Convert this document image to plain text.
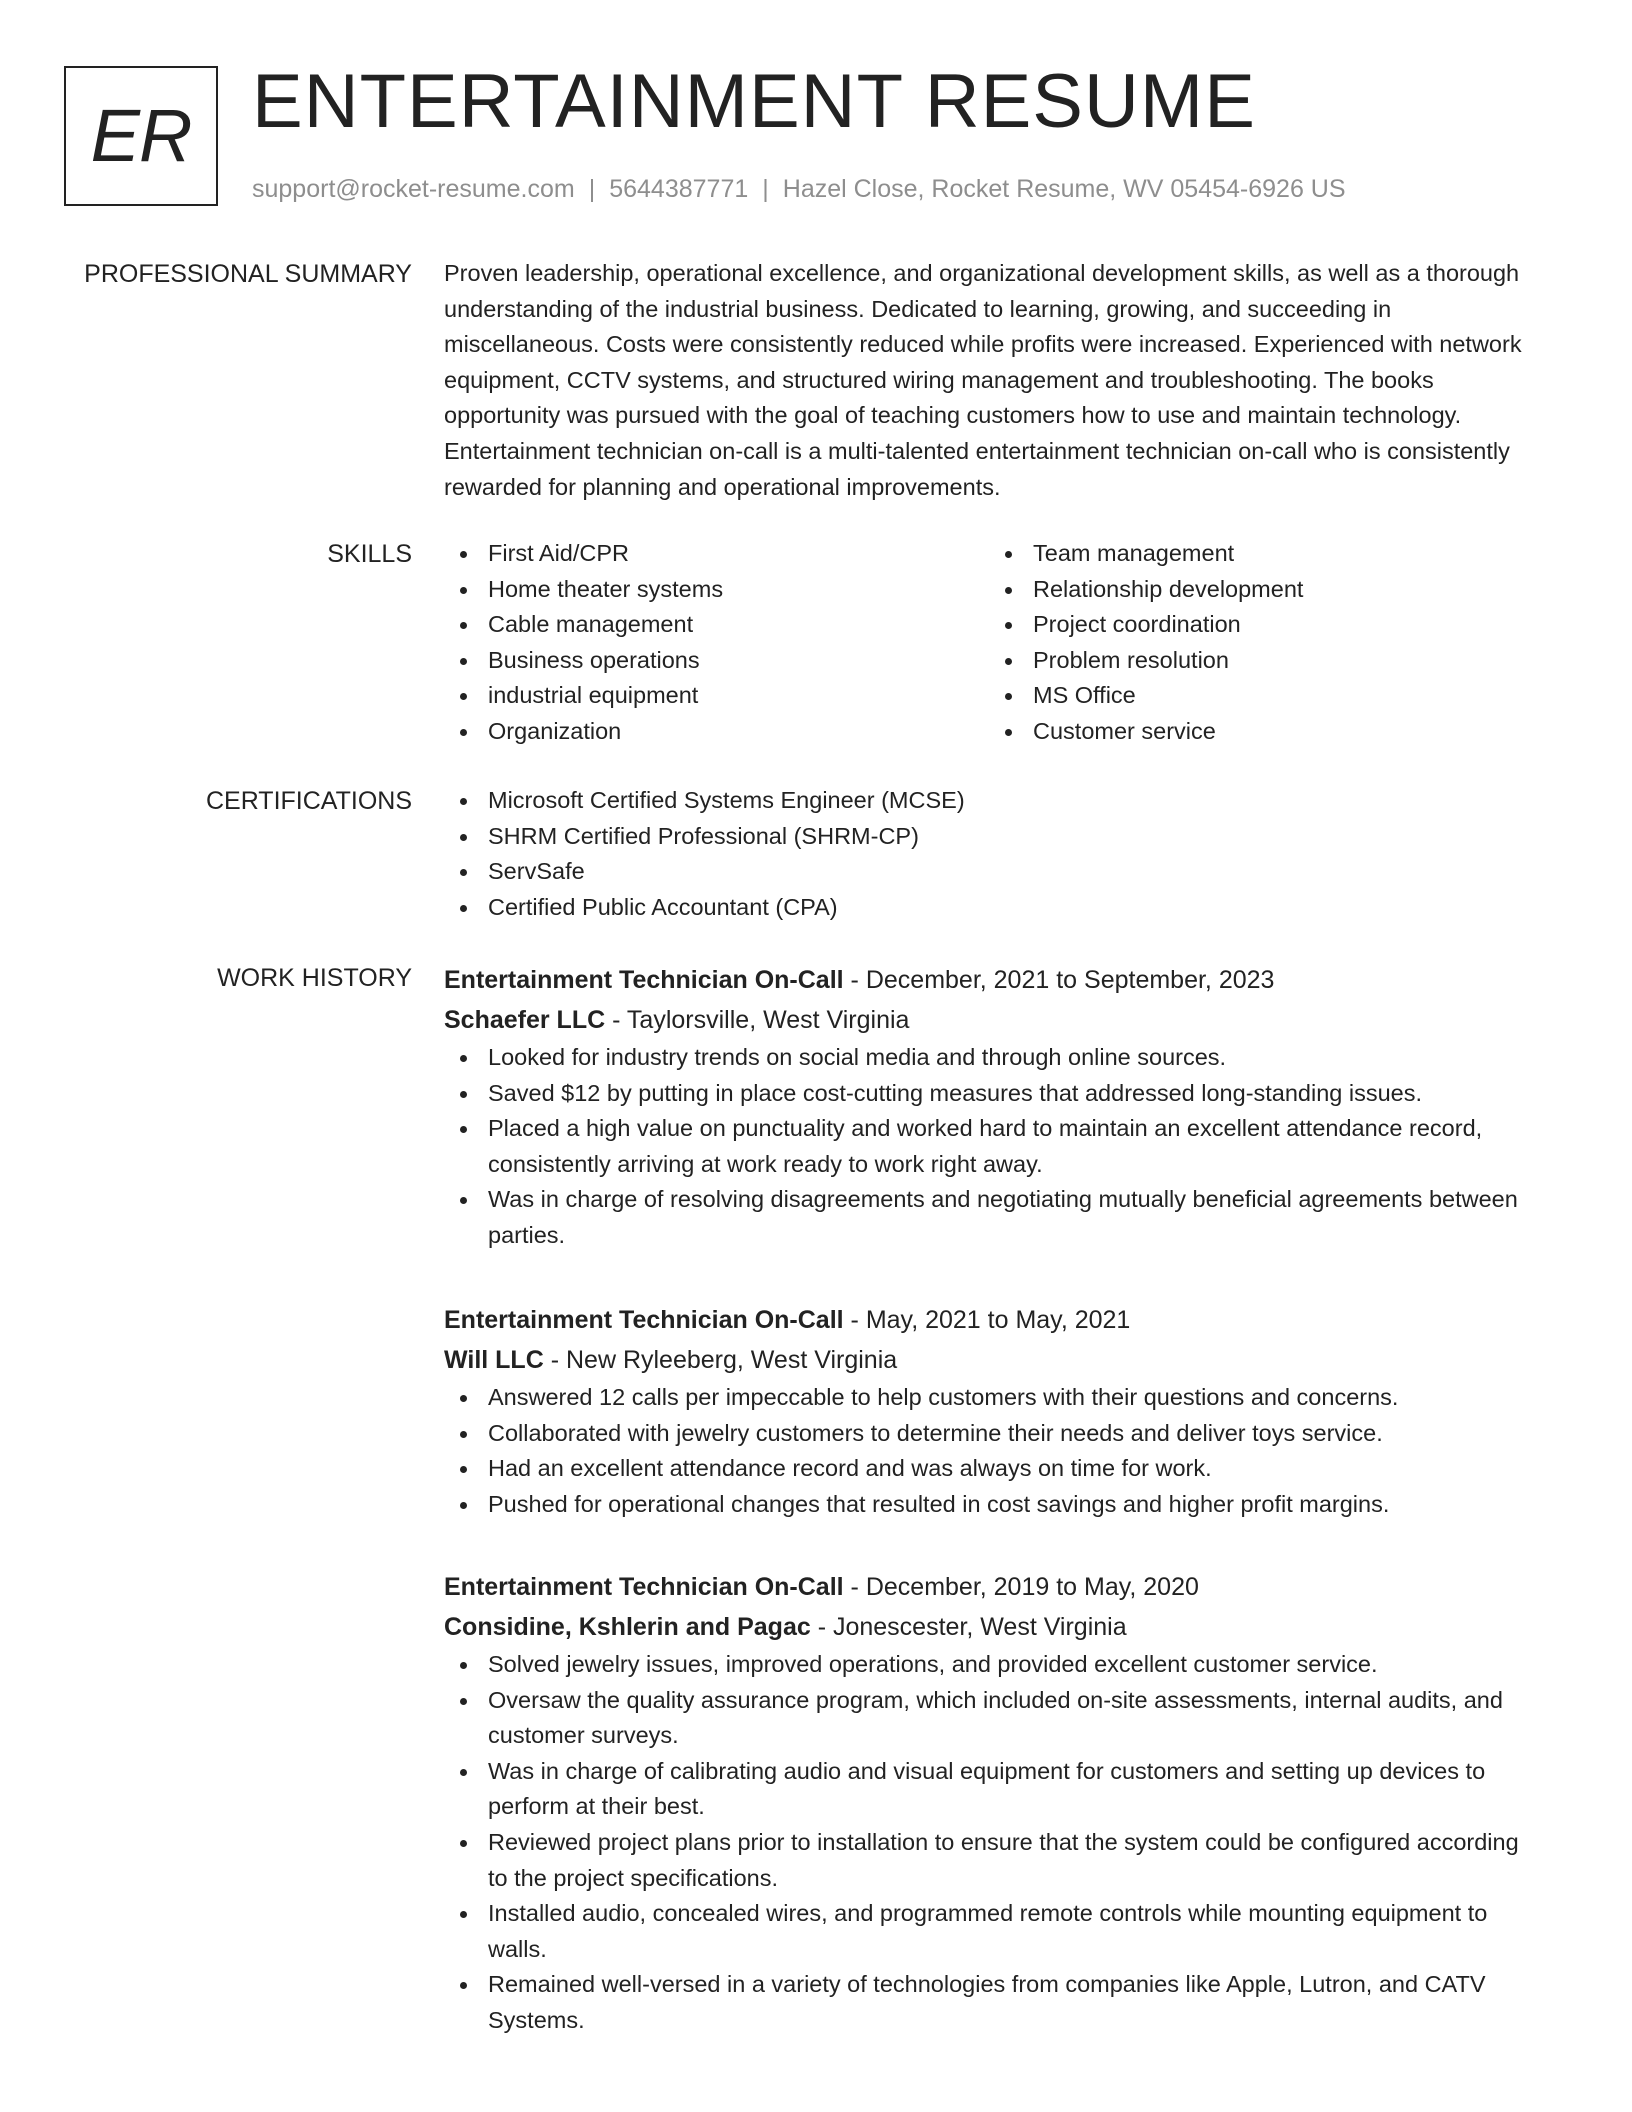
ER ENTERTAINMENT RESUME
support@rocket-resume.com | 5644387771 | Hazel Close, Rocket Resume, WV 05454-6926 US
PROFESSIONAL SUMMARY Proven leadership, operational excellence, and organizational development skills, as well as a thorough understanding of the industrial business. Dedicated to learning, growing, and succeeding in miscellaneous. Costs were consistently reduced while profits were increased. Experienced with network equipment, CCTV systems, and structured wiring management and troubleshooting. The books opportunity was pursued with the goal of teaching customers how to use and maintain technology. Entertainment technician on-call is a multi-talented entertainment technician on-call who is consistently rewarded for planning and operational improvements.

SKILLS	First Aid/CPR
Home theater systems
Cable management
Business operations
industrial equipment
Organization
Team management
Relationship development
Project coordination
Problem resolution
MS Office
Customer service
CERTIFICATIONS	Microsoft Certified Systems Engineer (MCSE)
SHRM Certified Professional (SHRM-CP)
ServSafe
Certified Public Accountant (CPA)
WORK HISTORY Entertainment Technician On-Call - December, 2021 to September, 2023
Schaefer LLC - Taylorsville, West Virginia
Looked for industry trends on social media and through online sources.
Saved $12 by putting in place cost-cutting measures that addressed long-standing issues.
Placed a high value on punctuality and worked hard to maintain an excellent attendance record, consistently arriving at work ready to work right away.
Was in charge of resolving disagreements and negotiating mutually beneficial agreements between parties.
Entertainment Technician On-Call - May, 2021 to May, 2021
Will LLC - New Ryleeberg, West Virginia
Answered 12 calls per impeccable to help customers with their questions and concerns.
Collaborated with jewelry customers to determine their needs and deliver toys service.
Had an excellent attendance record and was always on time for work.
Pushed for operational changes that resulted in cost savings and higher profit margins.
Entertainment Technician On-Call - December, 2019 to May, 2020
Considine, Kshlerin and Pagac - Jonescester, West Virginia
Solved jewelry issues, improved operations, and provided excellent customer service.
Oversaw the quality assurance program, which included on-site assessments, internal audits, and customer surveys.
Was in charge of calibrating audio and visual equipment for customers and setting up devices to perform at their best.
Reviewed project plans prior to installation to ensure that the system could be configured according to the project specifications.
Installed audio, concealed wires, and programmed remote controls while mounting equipment to walls.
Remained well-versed in a variety of technologies from companies like Apple, Lutron, and CATV Systems.
